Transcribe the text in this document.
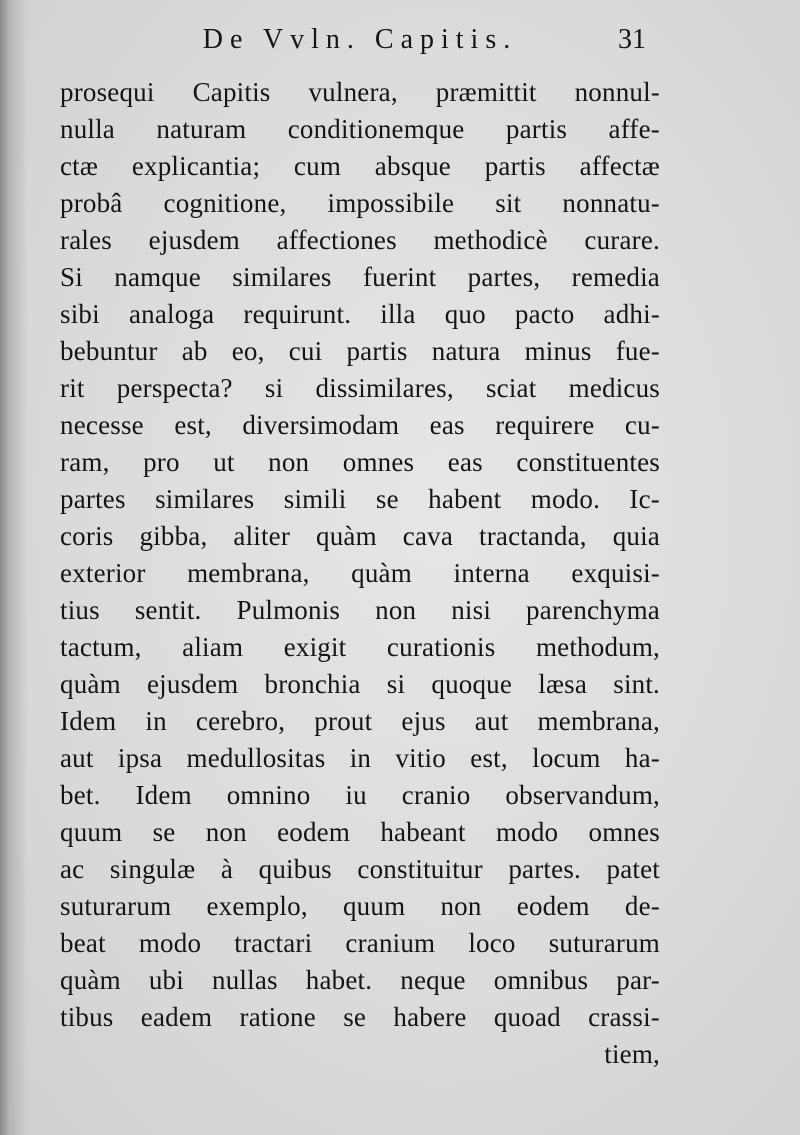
De Vvln. Capitis.	31
prosequi Capitis vulnera, præmittit nonnul-
nulla naturam conditionemque partis affe-
ctæ explicantia; cum absque partis affectæ
probâ cognitione, impossibile sit nonnatu-
rales ejusdem affectiones methodicè curare.
Si namque similares fuerint partes, remedia
sibi analoga requirunt. illa quo pacto adhi-
bebuntur ab eo, cui partis natura minus fue-
rit perspecta? si dissimilares, sciat medicus
necesse est, diversimodam eas requirere cu-
ram, pro ut non omnes eas constituentes
partes similares simili se habent modo. Ic-
coris gibba, aliter quàm cava tractanda, quia
exterior membrana, quàm interna exquisi-
tius sentit. Pulmonis non nisi parenchyma
tactum, aliam exigit curationis methodum,
quàm ejusdem bronchia si quoque læsa sint.
Idem in cerebro, prout ejus aut membrana,
aut ipsa medullositas in vitio est, locum ha-
bet. Idem omnino iu cranio observandum,
quum se non eodem habeant modo omnes
ac singulæ à quibus constituitur partes. patet
suturarum exemplo, quum non eodem de-
beat modo tractari cranium loco suturarum
quàm ubi nullas habet. neque omnibus par-
tibus eadem ratione se habere quoad crassi-
tiem,
